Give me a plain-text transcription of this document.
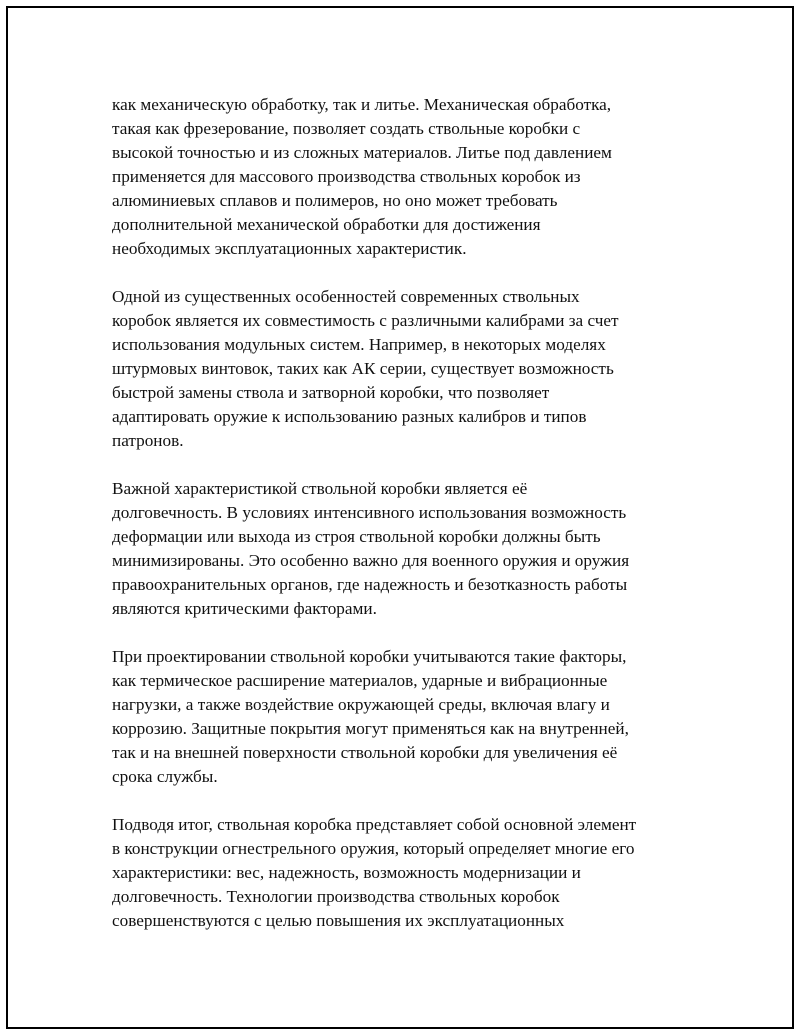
как механическую обработку, так и литье. Механическая обработка,
такая как фрезерование, позволяет создать ствольные коробки с
высокой точностью и из сложных материалов. Литье под давлением
применяется для массового производства ствольных коробок из
алюминиевых сплавов и полимеров, но оно может требовать
дополнительной механической обработки для достижения
необходимых эксплуатационных характеристик.

Одной из существенных особенностей современных ствольных
коробок является их совместимость с различными калибрами за счет
использования модульных систем. Например, в некоторых моделях
штурмовых винтовок, таких как АК серии, существует возможность
быстрой замены ствола и затворной коробки, что позволяет
адаптировать оружие к использованию разных калибров и типов
патронов.

Важной характеристикой ствольной коробки является её
долговечность. В условиях интенсивного использования возможность
деформации или выхода из строя ствольной коробки должны быть
минимизированы. Это особенно важно для военного оружия и оружия
правоохранительных органов, где надежность и безотказность работы
являются критическими факторами.

При проектировании ствольной коробки учитываются такие факторы,
как термическое расширение материалов, ударные и вибрационные
нагрузки, а также воздействие окружающей среды, включая влагу и
коррозию. Защитные покрытия могут применяться как на внутренней,
так и на внешней поверхности ствольной коробки для увеличения её
срока службы.

Подводя итог, ствольная коробка представляет собой основной элемент
в конструкции огнестрельного оружия, который определяет многие его
характеристики: вес, надежность, возможность модернизации и
долговечность. Технологии производства ствольных коробок
совершенствуются с целью повышения их эксплуатационных
